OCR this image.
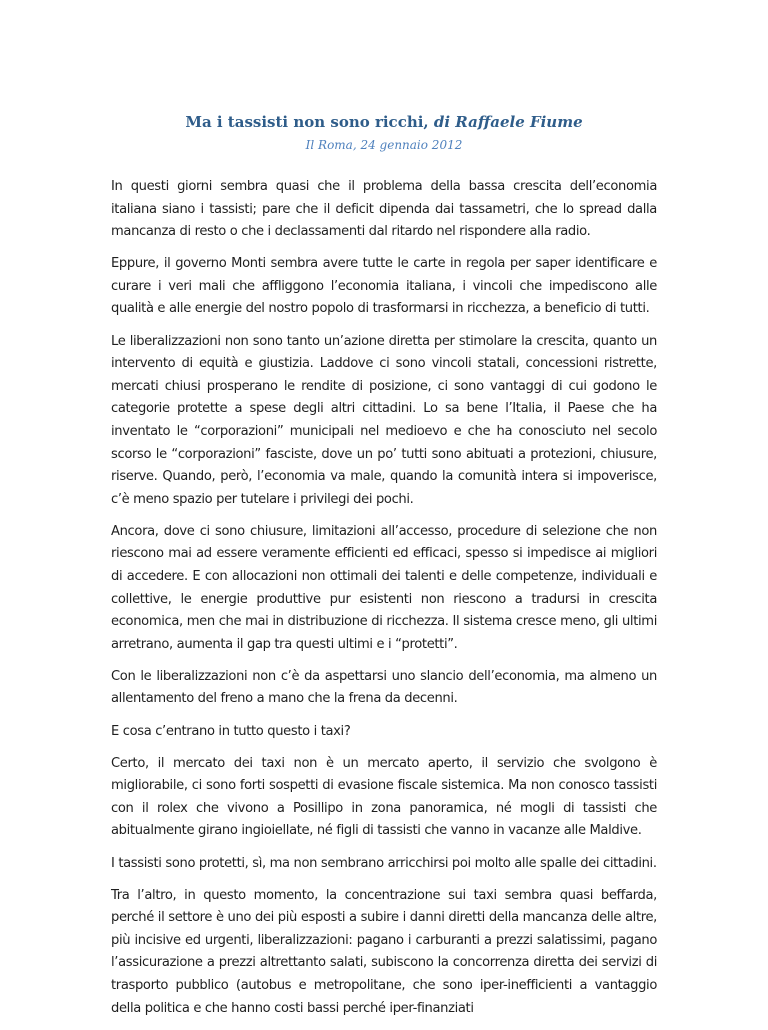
Ma i tassisti non sono ricchi, di Raffaele Fiume
Il Roma, 24 gennaio 2012

In questi giorni sembra quasi che il problema della bassa crescita dell’economia italiana siano i tassisti; pare che il deficit dipenda dai tassametri, che lo spread dalla mancanza di resto o che i declassamenti dal ritardo nel rispondere alla radio.

Eppure, il governo Monti sembra avere tutte le carte in regola per saper identificare e curare i veri mali che affliggono l’economia italiana, i vincoli che impediscono alle qualità e alle energie del nostro popolo di trasformarsi in ricchezza, a beneficio di tutti.

Le liberalizzazioni non sono tanto un’azione diretta per stimolare la crescita, quanto un intervento di equità e giustizia. Laddove ci sono vincoli statali, concessioni ristrette, mercati chiusi prosperano le rendite di posizione, ci sono vantaggi di cui godono le categorie protette a spese degli altri cittadini. Lo sa bene l’Italia, il Paese che ha inventato le “corporazioni” municipali nel medioevo e che ha conosciuto nel secolo scorso le “corporazioni” fasciste, dove un po’ tutti sono abituati a protezioni, chiusure, riserve. Quando, però, l’economia va male, quando la comunità intera si impoverisce, c’è meno spazio per tutelare i privilegi dei pochi.

Ancora, dove ci sono chiusure, limitazioni all’accesso, procedure di selezione che non riescono mai ad essere veramente efficienti ed efficaci, spesso si impedisce ai migliori di accedere. E con allocazioni non ottimali dei talenti e delle competenze, individuali e collettive, le energie produttive pur esistenti non riescono a tradursi in crescita economica, men che mai in distribuzione di ricchezza. Il sistema cresce meno, gli ultimi arretrano, aumenta il gap tra questi ultimi e i “protetti”.

Con le liberalizzazioni non c’è da aspettarsi uno slancio dell’economia, ma almeno un allentamento del freno a mano che la frena da decenni.

E cosa c’entrano in tutto questo i taxi?

Certo, il mercato dei taxi non è un mercato aperto, il servizio che svolgono è migliorabile, ci sono forti sospetti di evasione fiscale sistemica. Ma non conosco tassisti con il rolex che vivono a Posillipo in zona panoramica, né mogli di tassisti che abitualmente girano ingioiellate, né figli di tassisti che vanno in vacanze alle Maldive.

I tassisti sono protetti, sì, ma non sembrano arricchirsi poi molto alle spalle dei cittadini.

Tra l’altro, in questo momento, la concentrazione sui taxi sembra quasi beffarda, perché il settore è uno dei più esposti a subire i danni diretti della mancanza delle altre, più incisive ed urgenti, liberalizzazioni: pagano i carburanti a prezzi salatissimi, pagano l’assicurazione a prezzi altrettanto salati, subiscono la concorrenza diretta dei servizi di trasporto pubblico (autobus e metropolitane, che sono iper-inefficienti a vantaggio della politica e che hanno costi bassi perché iper-finanziati
